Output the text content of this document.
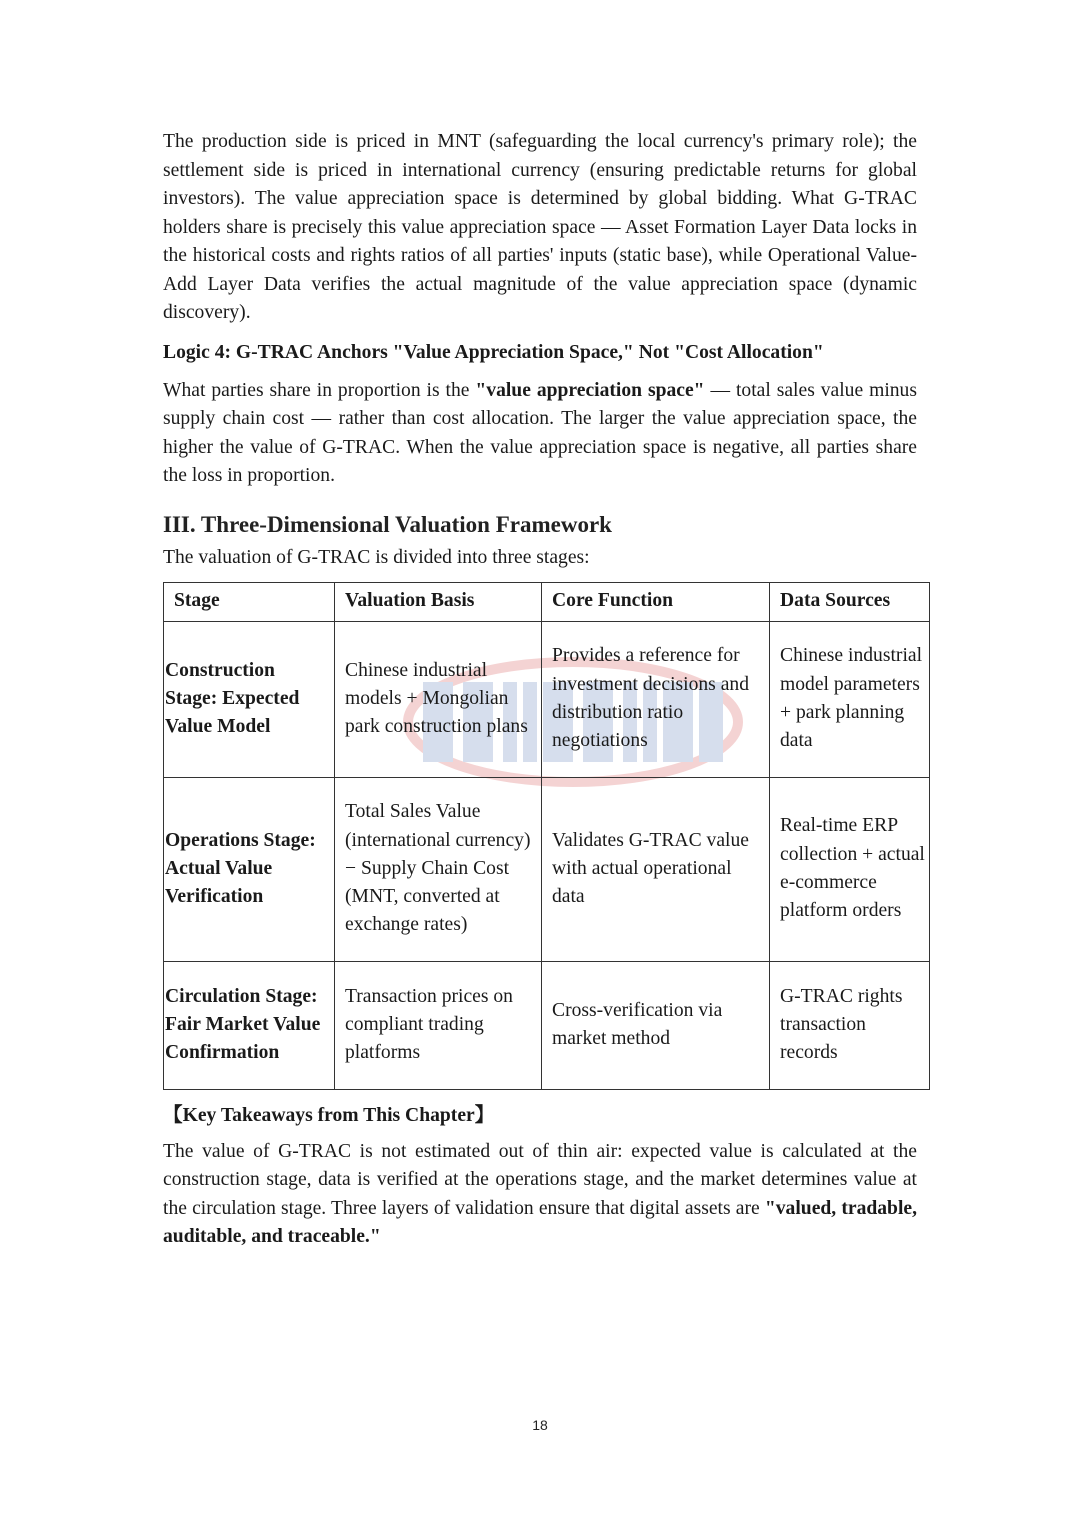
The production side is priced in MNT (safeguarding the local currency's primary role); the settlement side is priced in international currency (ensuring predictable returns for global investors). The value appreciation space is determined by global bidding. What G-TRAC holders share is precisely this value appreciation space — Asset Formation Layer Data locks in the historical costs and rights ratios of all parties' inputs (static base), while Operational Value-Add Layer Data verifies the actual magnitude of the value appreciation space (dynamic discovery).

Logic 4: G-TRAC Anchors "Value Appreciation Space," Not "Cost Allocation"

What parties share in proportion is the "value appreciation space" — total sales value minus supply chain cost — rather than cost allocation. The larger the value appreciation space, the higher the value of G-TRAC. When the value appreciation space is negative, all parties share the loss in proportion.

III. Three-Dimensional Valuation Framework
The valuation of G-TRAC is divided into three stages:
Stage	Valuation Basis	Core Function	Data Sources
Construction Stage: Expected Value Model	Chinese industrial models + Mongolian park construction plans	Provides a reference for investment decisions and distribution ratio negotiations	Chinese industrial model parameters + park planning data
Operations Stage: Actual Value Verification	Total Sales Value (international currency) − Supply Chain Cost (MNT, converted at exchange rates)	Validates G-TRAC value with actual operational data	Real-time ERP collection + actual e-commerce platform orders
Circulation Stage: Fair Market Value Confirmation	Transaction prices on compliant trading platforms	Cross-verification via market method	G-TRAC rights transaction records
【Key Takeaways from This Chapter】

The value of G-TRAC is not estimated out of thin air: expected value is calculated at the construction stage, data is verified at the operations stage, and the market determines value at the circulation stage. Three layers of validation ensure that digital assets are "valued, tradable, auditable, and traceable."

18
